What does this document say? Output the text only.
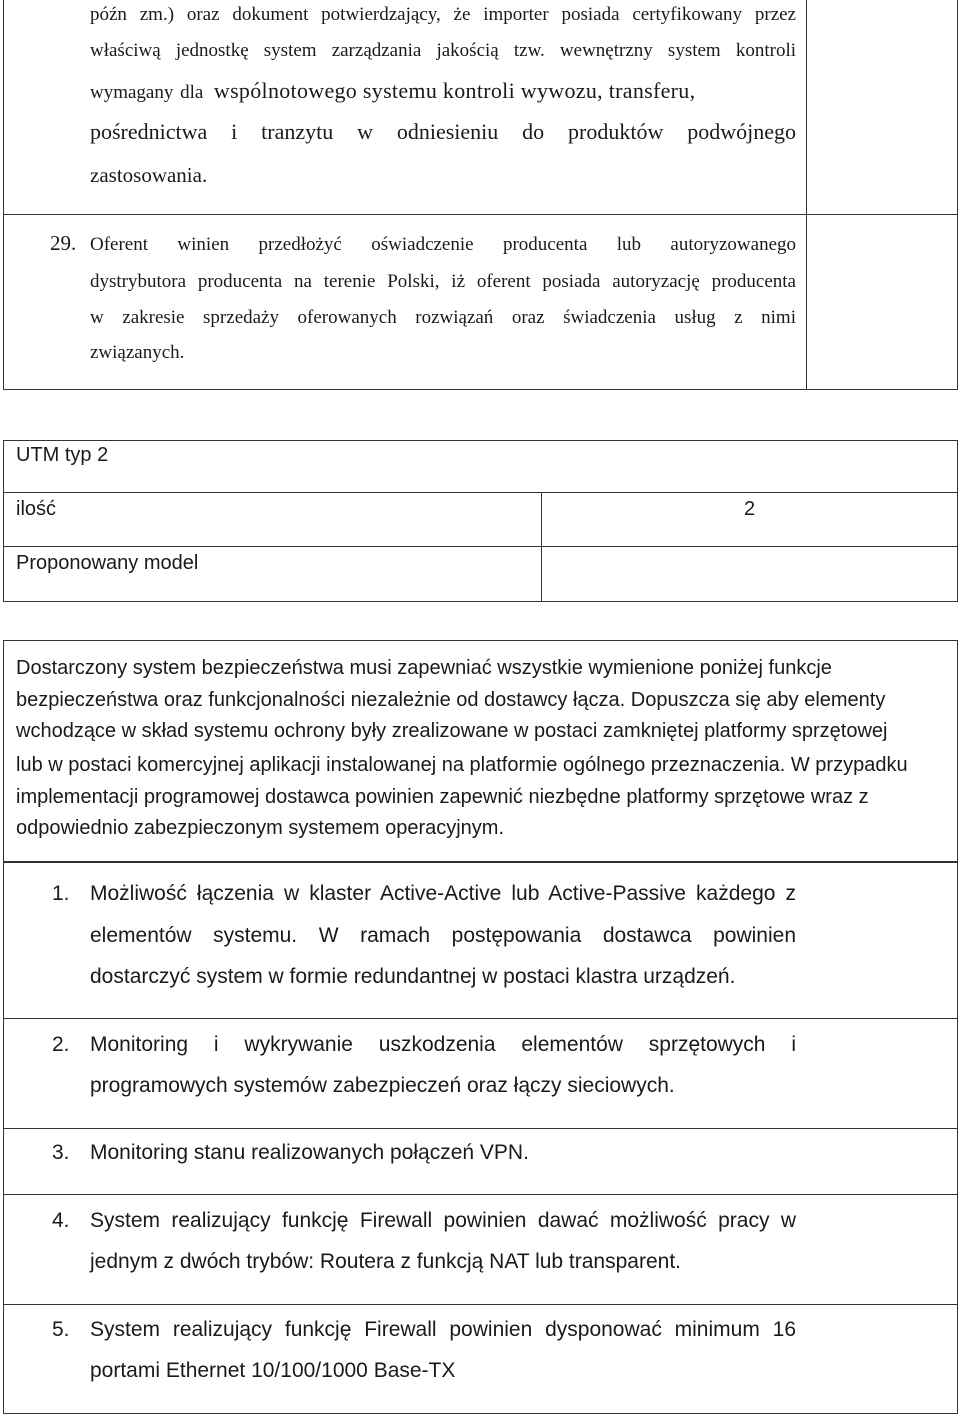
późn zm.) oraz dokument potwierdzający, że importer posiada certyfikowany przez
właściwą jednostkę system zarządzania jakością tzw. wewnętrzny system kontroli
wymagany dla  wspólnotowego systemu kontroli wywozu, transferu,
pośrednictwa i tranzytu w odniesieniu do produktów podwójnego
zastosowania.
29. Oferent winien przedłożyć oświadczenie producenta lub autoryzowanego
dystrybutora producenta na terenie Polski, iż oferent posiada autoryzację producenta
w zakresie sprzedaży oferowanych rozwiązań oraz świadczenia usług z nimi
związanych.
UTM typ 2
ilość	2
Proponowany model
Dostarczony system bezpieczeństwa musi zapewniać wszystkie wymienione poniżej funkcje
bezpieczeństwa oraz funkcjonalności niezależnie od dostawcy łącza. Dopuszcza się aby elementy
wchodzące w skład systemu ochrony były zrealizowane w postaci zamkniętej platformy sprzętowej
lub w postaci komercyjnej aplikacji instalowanej na platformie ogólnego przeznaczenia. W przypadku
implementacji programowej dostawca powinien zapewnić niezbędne platformy sprzętowe wraz z
odpowiednio zabezpieczonym systemem operacyjnym.
1. Możliwość łączenia w klaster Active-Active lub Active-Passive każdego z
elementów systemu. W ramach postępowania dostawca powinien
dostarczyć system w formie redundantnej w postaci klastra urządzeń.
2. Monitoring i wykrywanie uszkodzenia elementów sprzętowych i
programowych systemów zabezpieczeń oraz łączy sieciowych.
3. Monitoring stanu realizowanych połączeń VPN.
4. System realizujący funkcję Firewall powinien dawać możliwość pracy w
jednym z dwóch trybów: Routera z funkcją NAT lub transparent.
5. System realizujący funkcję Firewall powinien dysponować minimum 16
portami Ethernet 10/100/1000 Base-TX
